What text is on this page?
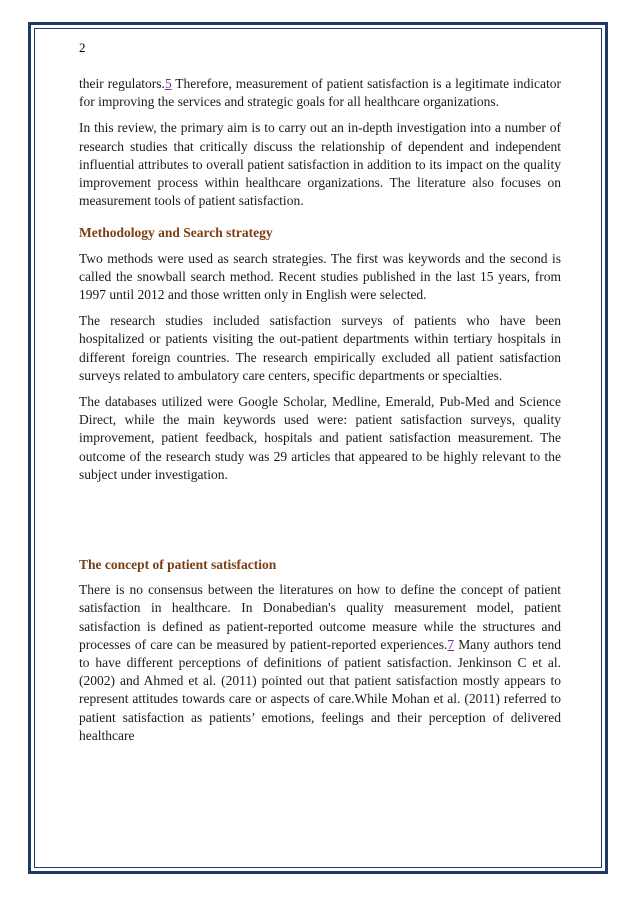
2

their regulators.5 Therefore, measurement of patient satisfaction is a legitimate indicator for improving the services and strategic goals for all healthcare organizations.

In this review, the primary aim is to carry out an in-depth investigation into a number of research studies that critically discuss the relationship of dependent and independent influential attributes to overall patient satisfaction in addition to its impact on the quality improvement process within healthcare organizations. The literature also focuses on measurement tools of patient satisfaction.

Methodology and Search strategy

Two methods were used as search strategies. The first was keywords and the second is called the snowball search method. Recent studies published in the last 15 years, from 1997 until 2012 and those written only in English were selected.

The research studies included satisfaction surveys of patients who have been hospitalized or patients visiting the out-patient departments within tertiary hospitals in different foreign countries. The research empirically excluded all patient satisfaction surveys related to ambulatory care centers, specific departments or specialties.

The databases utilized were Google Scholar, Medline, Emerald, Pub-Med and Science Direct, while the main keywords used were: patient satisfaction surveys, quality improvement, patient feedback, hospitals and patient satisfaction measurement. The outcome of the research study was 29 articles that appeared to be highly relevant to the subject under investigation.

The concept of patient satisfaction

There is no consensus between the literatures on how to define the concept of patient satisfaction in healthcare. In Donabedian's quality measurement model, patient satisfaction is defined as patient-reported outcome measure while the structures and processes of care can be measured by patient-reported experiences.7 Many authors tend to have different perceptions of definitions of patient satisfaction. Jenkinson C et al. (2002) and Ahmed et al. (2011) pointed out that patient satisfaction mostly appears to represent attitudes towards care or aspects of care.While Mohan et al. (2011) referred to patient satisfaction as patients’ emotions, feelings and their perception of delivered healthcare
